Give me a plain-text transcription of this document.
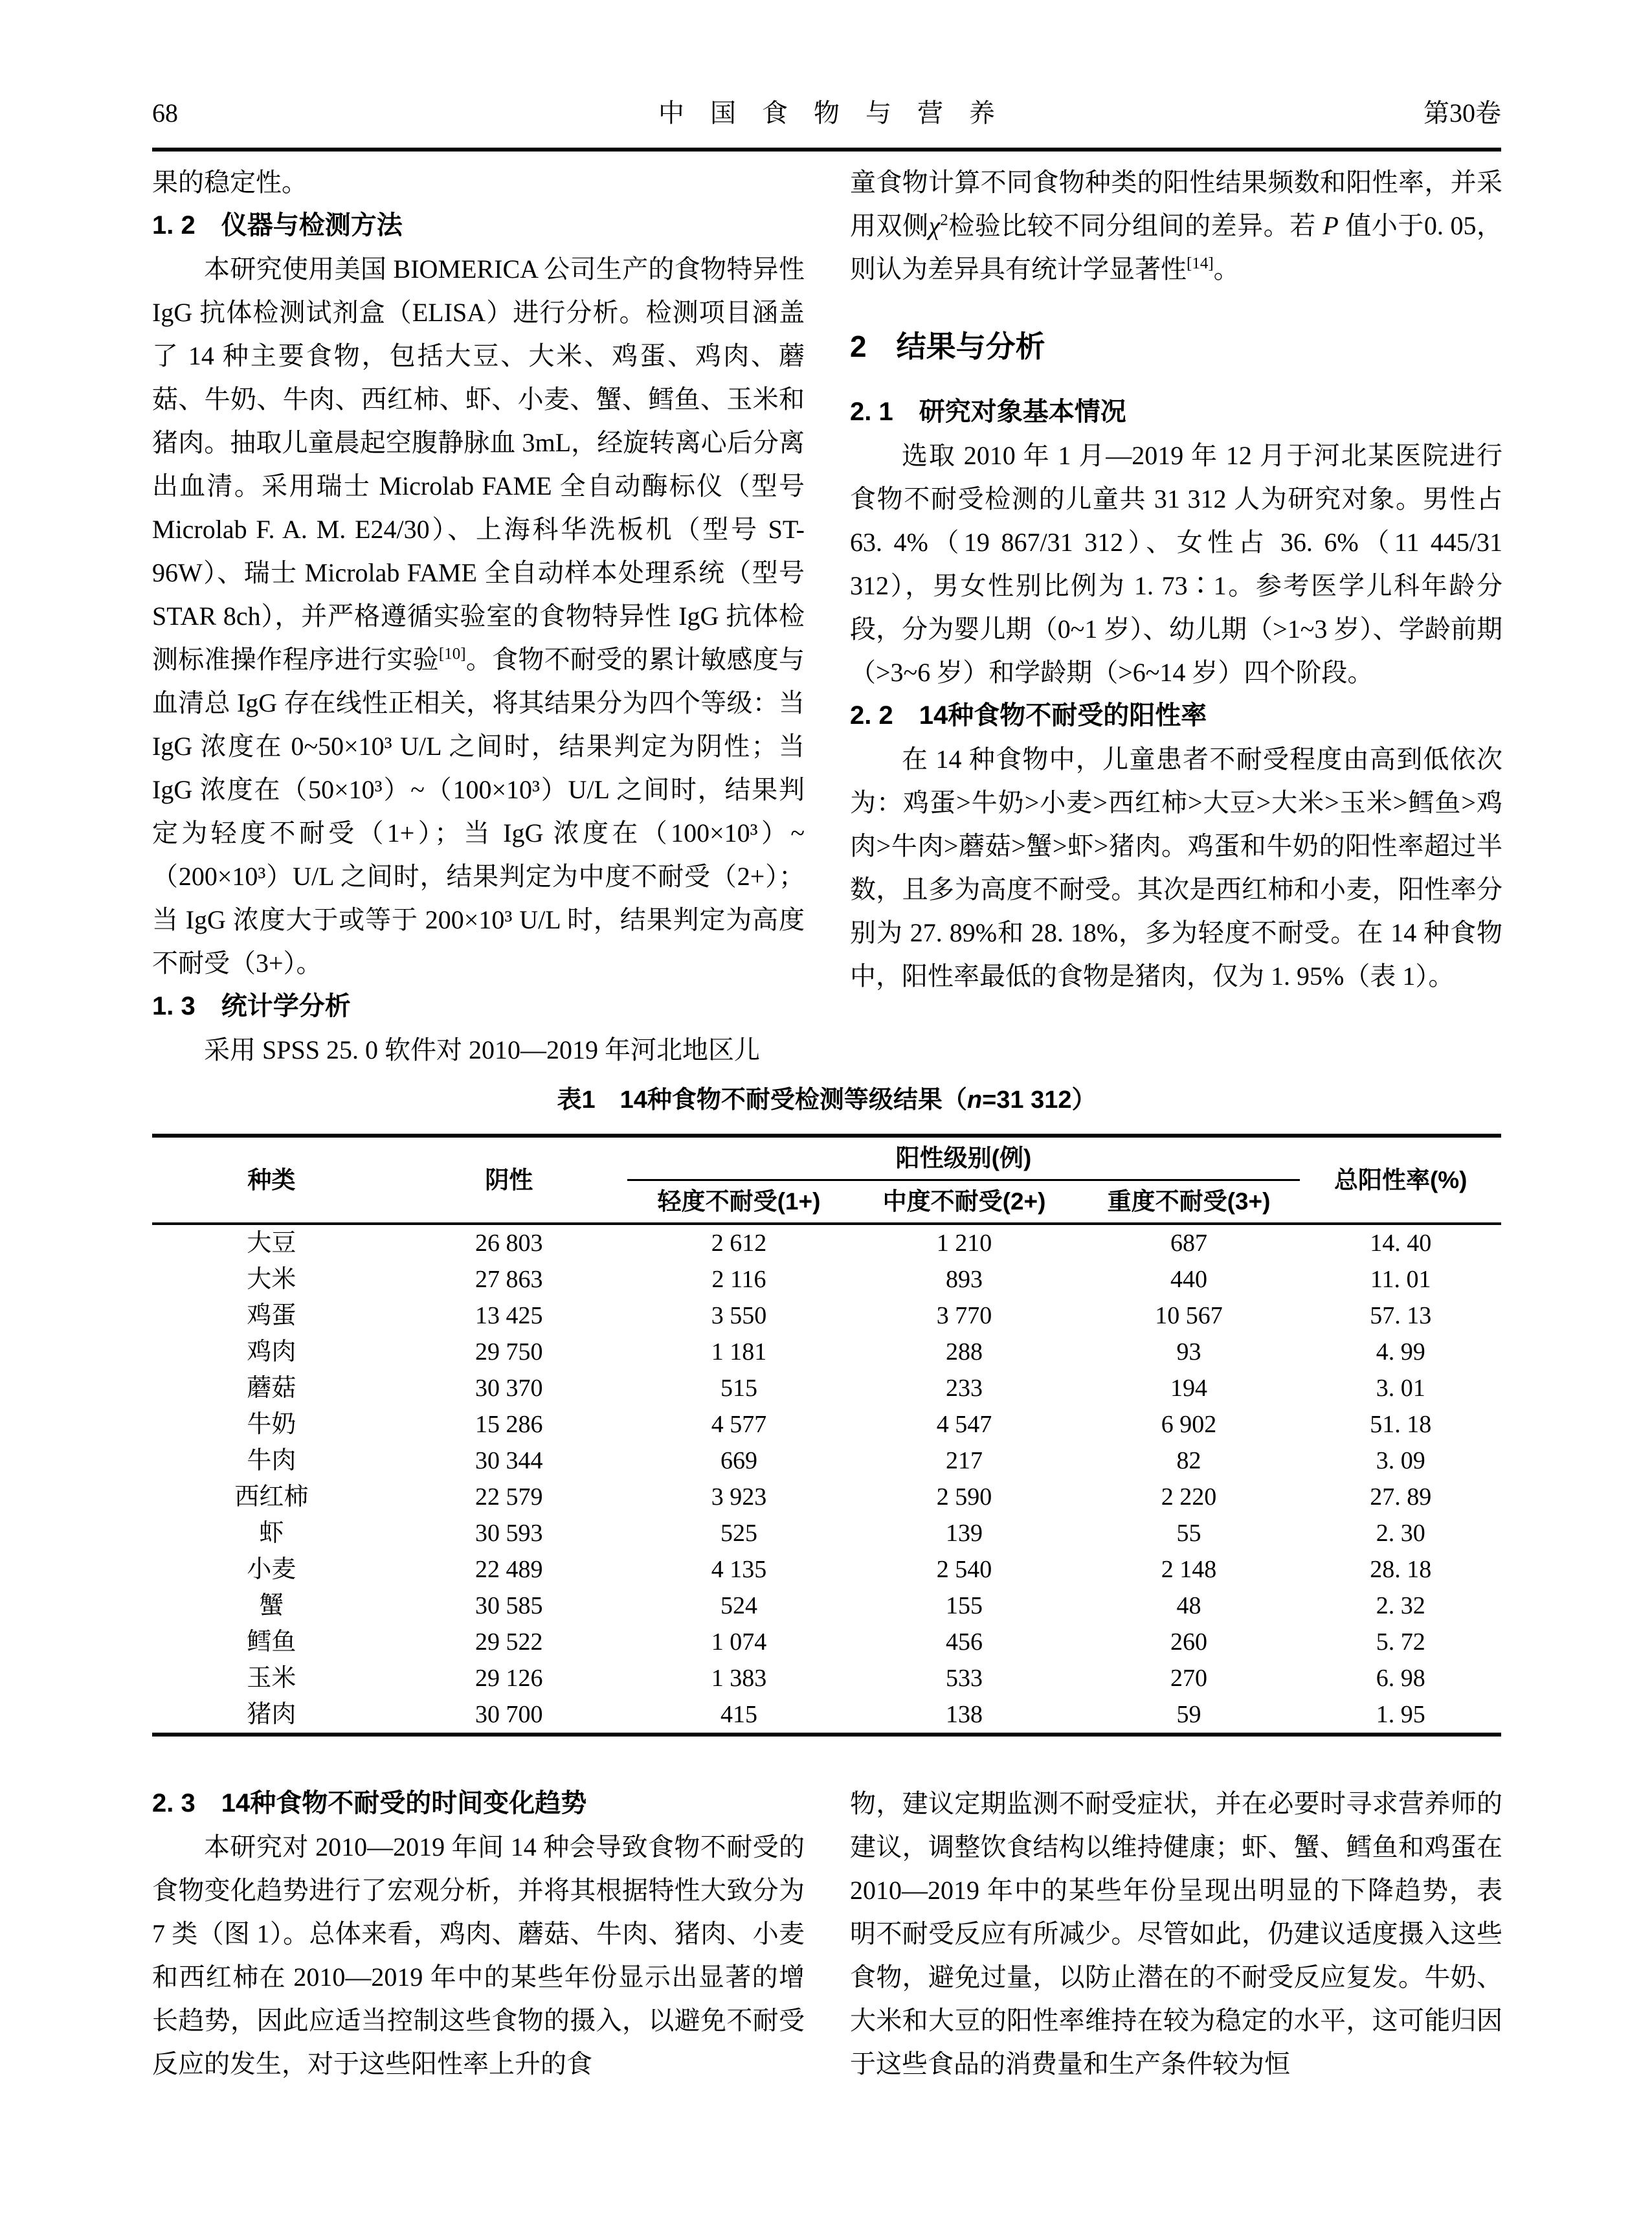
68	中　国　食　物　与　营　养	第30卷

果的稳定性。

1. 2　仪器与检测方法

本研究使用美国 BIOMERICA 公司生产的食物特异性 IgG 抗体检测试剂盒（ELISA）进行分析。检测项目涵盖了 14 种主要食物，包括大豆、大米、鸡蛋、鸡肉、蘑菇、牛奶、牛肉、西红柿、虾、小麦、蟹、鳕鱼、玉米和猪肉。抽取儿童晨起空腹静脉血 3mL，经旋转离心后分离出血清。采用瑞士 Microlab FAME 全自动酶标仪（型号 Microlab F. A. M. E24/30）、上海科华洗板机（型号 ST-96W）、瑞士 Microlab FAME 全自动样本处理系统（型号 STAR 8ch），并严格遵循实验室的食物特异性 IgG 抗体检测标准操作程序进行实验[10]。食物不耐受的累计敏感度与血清总 IgG 存在线性正相关，将其结果分为四个等级：当 IgG 浓度在 0~50×10³ U/L 之间时，结果判定为阴性；当 IgG 浓度在（50×10³）~（100×10³）U/L 之间时，结果判定为轻度不耐受（1+）；当 IgG 浓度在（100×10³）~（200×10³）U/L 之间时，结果判定为中度不耐受（2+）；当 IgG 浓度大于或等于 200×10³ U/L 时，结果判定为高度不耐受（3+）。

1. 3　统计学分析

采用 SPSS 25. 0 软件对 2010—2019 年河北地区儿

童食物计算不同食物种类的阳性结果频数和阳性率，并采用双侧$\chi^2$检验比较不同分组间的差异。若 P 值小于0. 05，则认为差异具有统计学显著性[14]。

2　结果与分析
2. 1　研究对象基本情况

选取 2010 年 1 月—2019 年 12 月于河北某医院进行食物不耐受检测的儿童共 31 312 人为研究对象。男性占 63. 4%（19 867/31 312）、女性占 36. 6%（11 445/31 312），男女性别比例为 1. 73∶1。参考医学儿科年龄分段，分为婴儿期（0~1 岁）、幼儿期（>1~3 岁）、学龄前期（>3~6 岁）和学龄期（>6~14 岁）四个阶段。

2. 2　14种食物不耐受的阳性率

在 14 种食物中，儿童患者不耐受程度由高到低依次为：鸡蛋>牛奶>小麦>西红柿>大豆>大米>玉米>鳕鱼>鸡肉>牛肉>蘑菇>蟹>虾>猪肉。鸡蛋和牛奶的阳性率超过半数，且多为高度不耐受。其次是西红柿和小麦，阳性率分别为 27. 89%和 28. 18%，多为轻度不耐受。在 14 种食物中，阳性率最低的食物是猪肉，仅为 1. 95%（表 1）。

表1　14种食物不耐受检测等级结果（n=31 312）
种类	阴性	阳性级别(例)			总阳性率(%)
		轻度不耐受(1+)	中度不耐受(2+)	重度不耐受(3+)	
大豆	26 803	2 612	1 210	687	14. 40
大米	27 863	2 116	893	440	11. 01
鸡蛋	13 425	3 550	3 770	10 567	57. 13
鸡肉	29 750	1 181	288	93	4. 99
蘑菇	30 370	515	233	194	3. 01
牛奶	15 286	4 577	4 547	6 902	51. 18
牛肉	30 344	669	217	82	3. 09
西红柿	22 579	3 923	2 590	2 220	27. 89
虾	30 593	525	139	55	2. 30
小麦	22 489	4 135	2 540	2 148	28. 18
蟹	30 585	524	155	48	2. 32
鳕鱼	29 522	1 074	456	260	5. 72
玉米	29 126	1 383	533	270	6. 98
猪肉	30 700	415	138	59	1. 95
2. 3　14种食物不耐受的时间变化趋势

本研究对 2010—2019 年间 14 种会导致食物不耐受的食物变化趋势进行了宏观分析，并将其根据特性大致分为 7 类（图 1）。总体来看，鸡肉、蘑菇、牛肉、猪肉、小麦和西红柿在 2010—2019 年中的某些年份显示出显著的增长趋势，因此应适当控制这些食物的摄入，以避免不耐受反应的发生，对于这些阳性率上升的食

物，建议定期监测不耐受症状，并在必要时寻求营养师的建议，调整饮食结构以维持健康；虾、蟹、鳕鱼和鸡蛋在 2010—2019 年中的某些年份呈现出明显的下降趋势，表明不耐受反应有所减少。尽管如此，仍建议适度摄入这些食物，避免过量，以防止潜在的不耐受反应复发。牛奶、大米和大豆的阳性率维持在较为稳定的水平，这可能归因于这些食品的消费量和生产条件较为恒
